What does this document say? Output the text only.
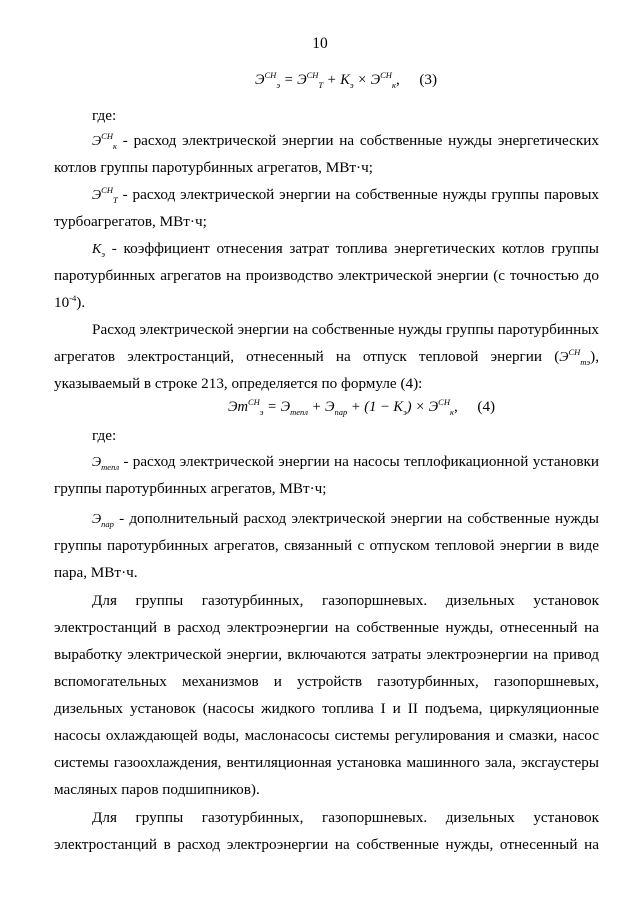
10
$Э^{СН}_э = Э^{СН}_Т + К_э \times Э^{СН}_к$, (3)
где:
$Э^{СН}_к$ - расход электрической энергии на собственные нужды энергетических
котлов группы паротурбинных агрегатов, МВт·ч;
$Э^{СН}_Т$ - расход электрической энергии на собственные нужды группы паровых
турбоагрегатов, МВт·ч;
$К_э$ - коэффициент отнесения затрат топлива энергетических котлов группы
паротурбинных агрегатов на производство электрической энергии (с точностью до
$10^{-4}$).
Расход электрической энергии на собственные нужды группы паротурбинных
агрегатов электростанций, отнесенный на отпуск тепловой энергии $(Э^{СН}_{тэ})$,
указываемый в строке 213, определяется по формуле (4):
$Эт^{СН}_э = Э_{тепл} + Э_{пар} + (1 - К_э) \times Э^{СН}_к$, (4)
где:
$Э_{тепл}$ - расход электрической энергии на насосы теплофикационной установки
группы паротурбинных агрегатов, МВт·ч;
$Э_{пар}$ - дополнительный расход электрической энергии на собственные нужды
группы паротурбинных агрегатов, связанный с отпуском тепловой энергии в виде
пара, МВт·ч.
Для группы газотурбинных, газопоршневых. дизельных установок
электростанций в расход электроэнергии на собственные нужды, отнесенный на
выработку электрической энергии, включаются затраты электроэнергии на привод
вспомогательных механизмов и устройств газотурбинных, газопоршневых,
дизельных установок (насосы жидкого топлива I и II подъема, циркуляционные
насосы охлаждающей воды, маслонасосы системы регулирования и смазки, насос
системы газоохлаждения, вентиляционная установка машинного зала, эксгаустеры
масляных паров подшипников).
Для группы газотурбинных, газопоршневых. дизельных установок
электростанций в расход электроэнергии на собственные нужды, отнесенный на
